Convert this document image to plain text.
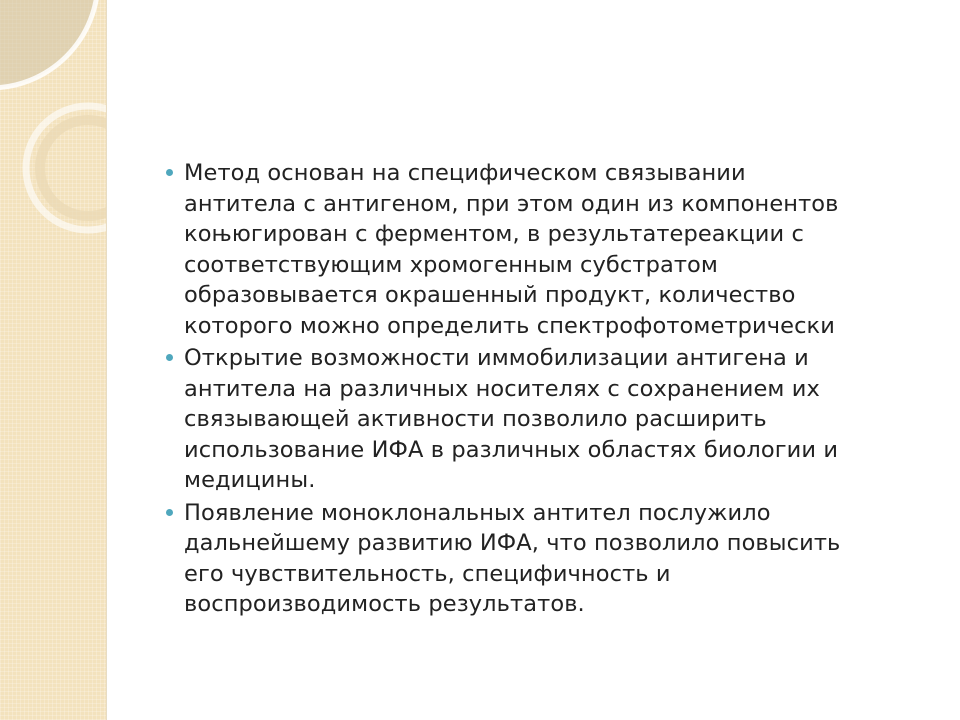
Метод основан на специфическом связывании
антитела с антигеном, при этом один из компонентов
коњюгирован с ферментом, в результатереакции с
соответствующим хромогенным субстратом
образовывается окрашенный продукт, количество
которого можно определить спектрофотометрически
Открытие возможности иммобилизации антигена и
антитела на различных носителях с сохранением их
связывающей активности позволило расширить
использование ИФА в различных областях биологии и
медицины.
Появление моноклональных антител послужило
дальнейшему развитию ИФА, что позволило повысить
его чувствительность, специфичность и
воспроизводимость результатов.
